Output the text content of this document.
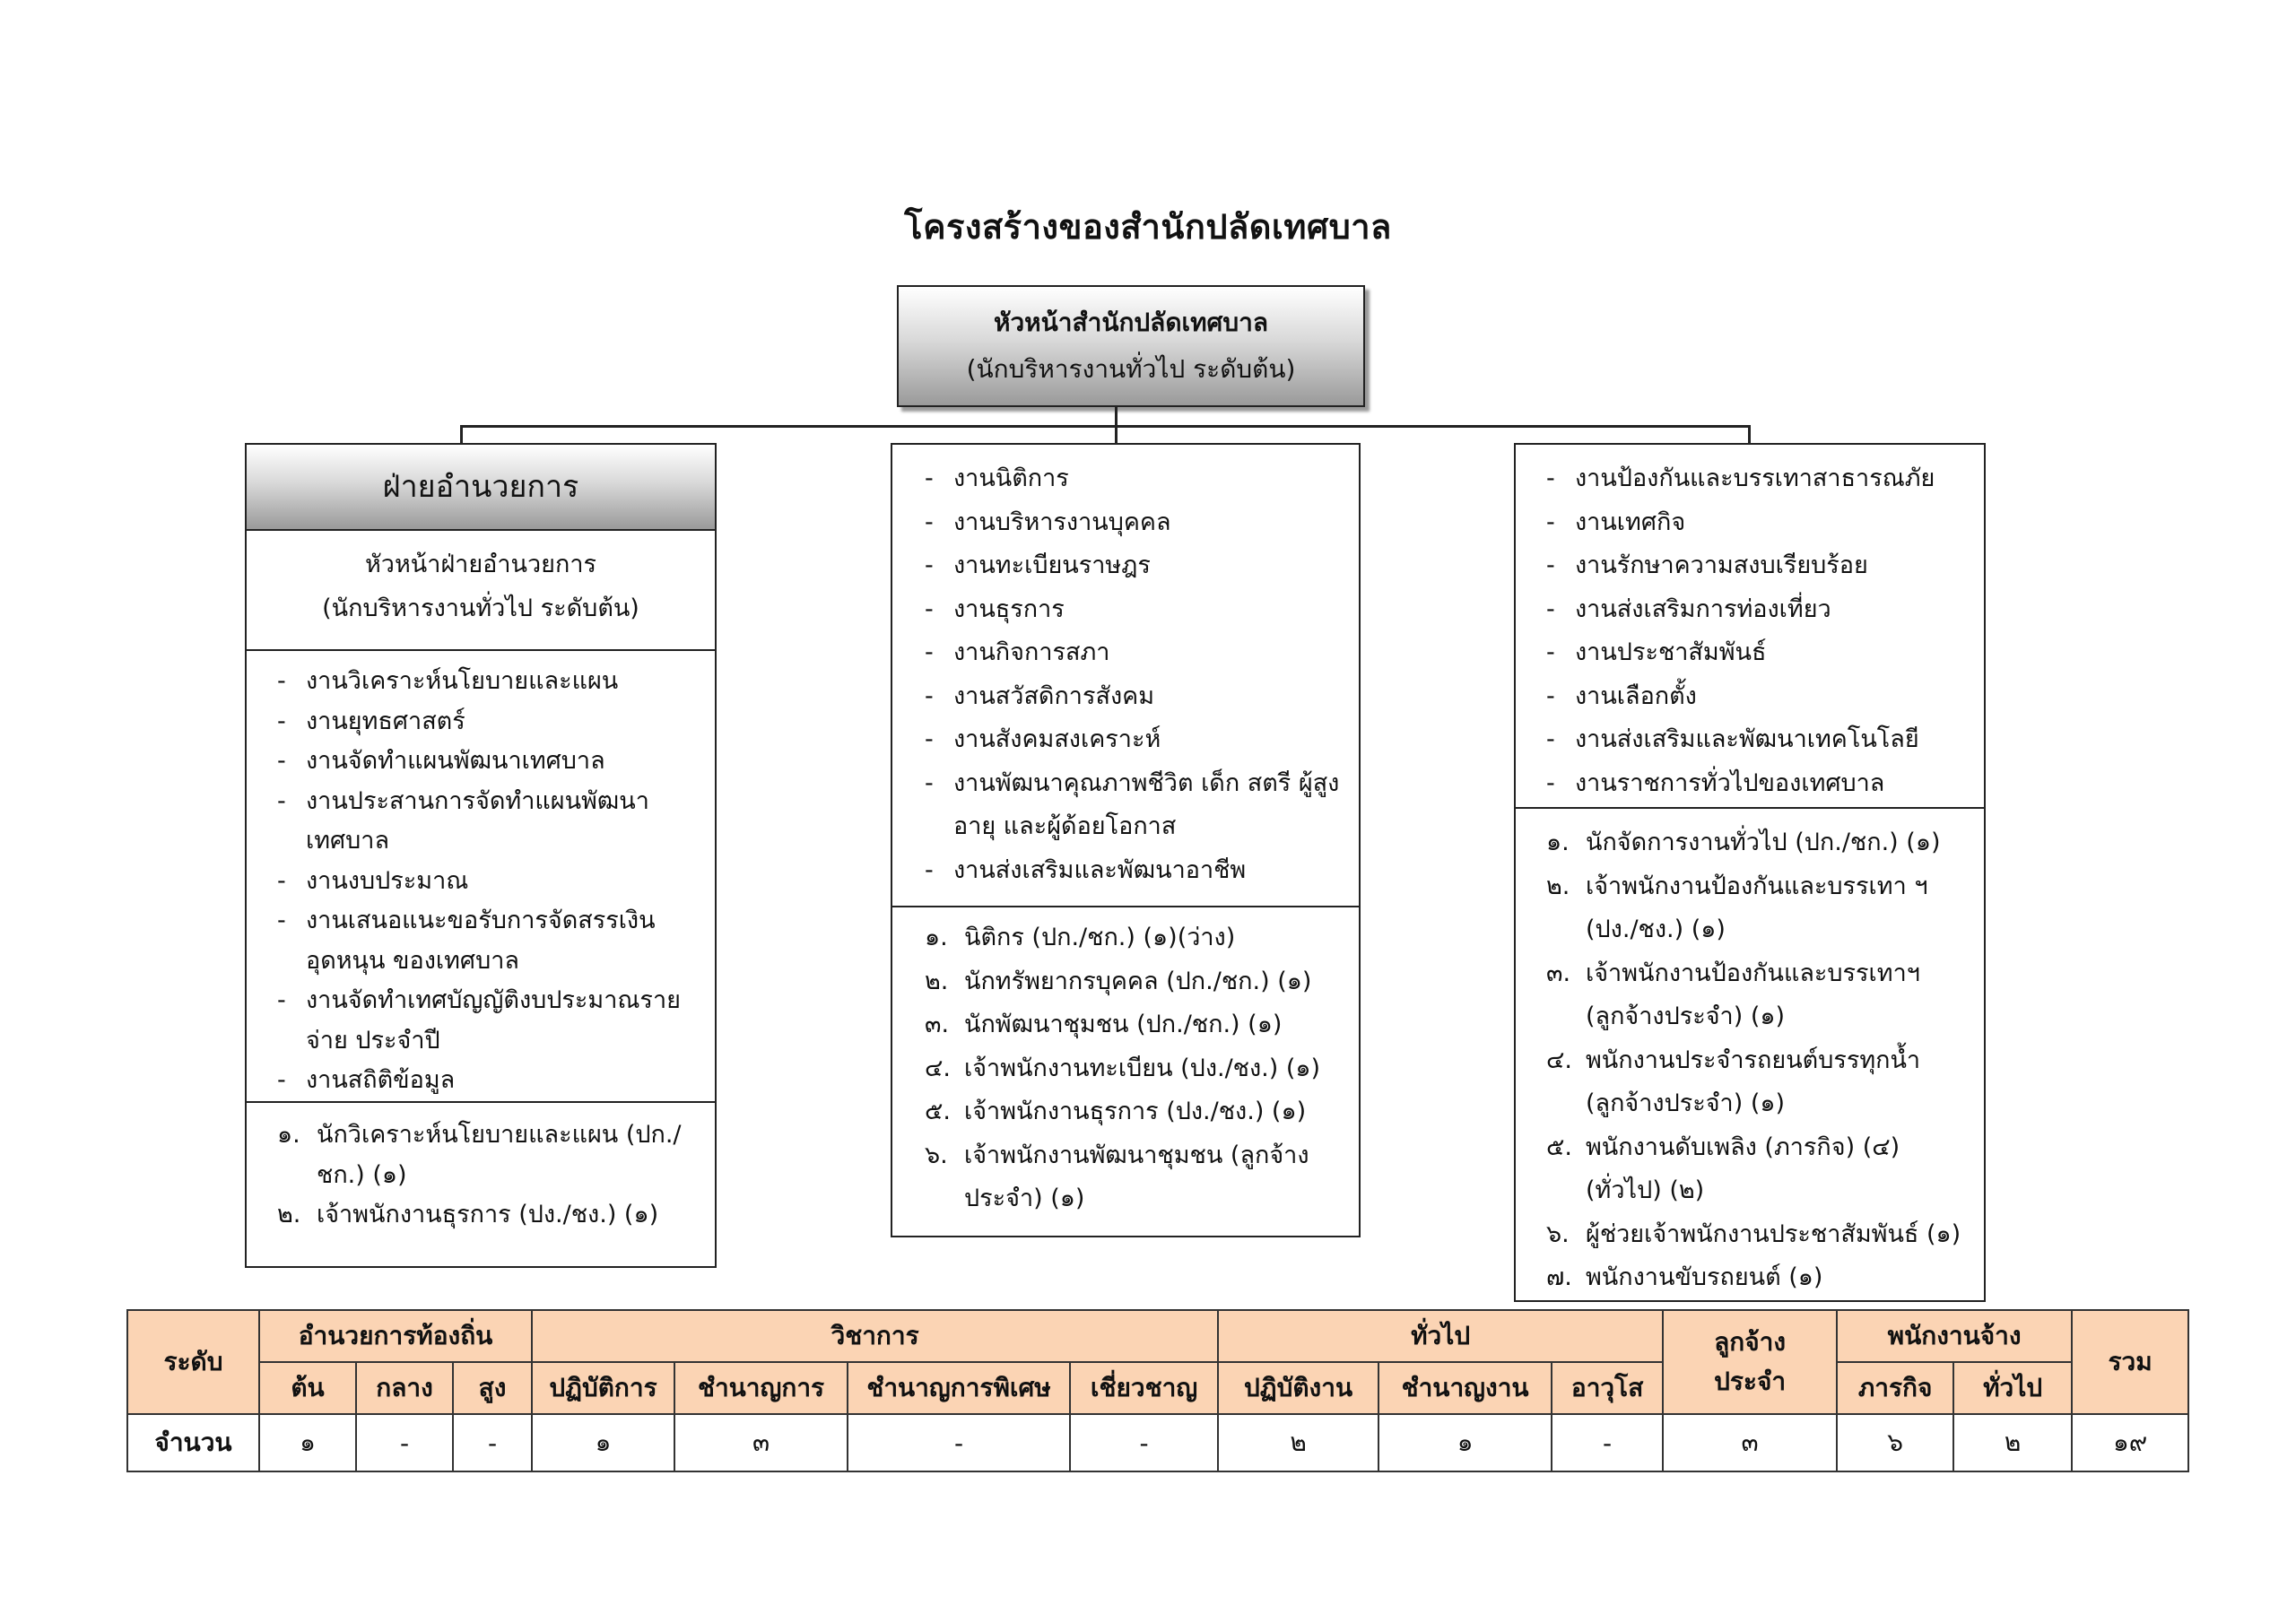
โครงสร้างของสำนักปลัดเทศบาล
หัวหน้าสำนักปลัดเทศบาล
(นักบริหารงานทั่วไป ระดับต้น)
ฝ่ายอำนวยการ
หัวหน้าฝ่ายอำนวยการ
(นักบริหารงานทั่วไป ระดับต้น)
- งานวิเคราะห์นโยบายและแผน
- งานยุทธศาสตร์
- งานจัดทำแผนพัฒนาเทศบาล
- งานประสานการจัดทำแผนพัฒนาเทศบาล
- งานงบประมาณ
- งานเสนอแนะขอรับการจัดสรรเงินอุดหนุน ของเทศบาล
- งานจัดทำเทศบัญญัติงบประมาณรายจ่าย ประจำปี
- งานสถิติข้อมูล
๑. นักวิเคราะห์นโยบายและแผน (ปก./ชก.) (๑)
๒. เจ้าพนักงานธุรการ (ปง./ชง.) (๑)
- งานนิติการ
- งานบริหารงานบุคคล
- งานทะเบียนราษฎร
- งานธุรการ
- งานกิจการสภา
- งานสวัสดิการสังคม
- งานสังคมสงเคราะห์
- งานพัฒนาคุณภาพชีวิต เด็ก สตรี ผู้สูงอายุ และผู้ด้อยโอกาส
- งานส่งเสริมและพัฒนาอาชีพ
๑. นิติกร (ปก./ชก.) (๑)(ว่าง)
๒. นักทรัพยากรบุคคล (ปก./ชก.) (๑)
๓. นักพัฒนาชุมชน (ปก./ชก.) (๑)
๔. เจ้าพนักงานทะเบียน (ปง./ชง.) (๑)
๕. เจ้าพนักงานธุรการ (ปง./ชง.) (๑)
๖. เจ้าพนักงานพัฒนาชุมชน (ลูกจ้างประจำ) (๑)
- งานป้องกันและบรรเทาสาธารณภัย
- งานเทศกิจ
- งานรักษาความสงบเรียบร้อย
- งานส่งเสริมการท่องเที่ยว
- งานประชาสัมพันธ์
- งานเลือกตั้ง
- งานส่งเสริมและพัฒนาเทคโนโลยี
- งานราชการทั่วไปของเทศบาล
๑. นักจัดการงานทั่วไป (ปก./ชก.) (๑)
๒. เจ้าพนักงานป้องกันและบรรเทา ฯ (ปง./ชง.) (๑)
๓. เจ้าพนักงานป้องกันและบรรเทาฯ (ลูกจ้างประจำ) (๑)
๔. พนักงานประจำรถยนต์บรรทุกน้ำ (ลูกจ้างประจำ) (๑)
๕. พนักงานดับเพลิง (ภารกิจ) (๔) (ทั่วไป) (๒)
๖. ผู้ช่วยเจ้าพนักงานประชาสัมพันธ์ (๑)
๗. พนักงานขับรถยนต์ (๑)
ระดับ	อำนวยการท้องถิ่น			วิชาการ				ทั่วไป			ลูกจ้าง ประจำ	พนักงานจ้าง		รวม
	ต้น	กลาง	สูง	ปฏิบัติการ	ชำนาญการ	ชำนาญการพิเศษ	เชี่ยวชาญ	ปฏิบัติงาน	ชำนาญงาน	อาวุโส		ภารกิจ	ทั่วไป	
จำนวน	๑	-	-	๑	๓	-	-	๒	๑	-	๓	๖	๒	๑๙
